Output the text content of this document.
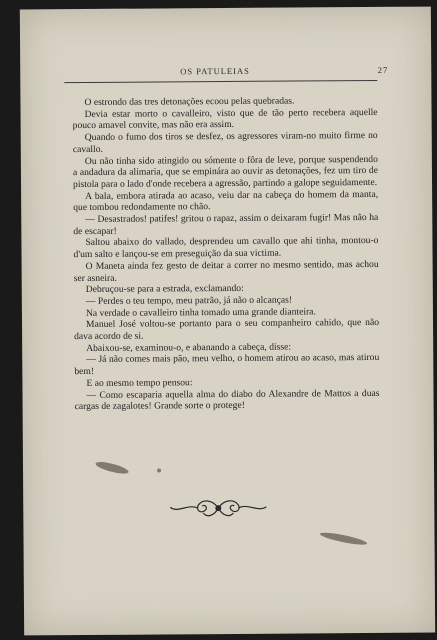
OS PATULEIAS	27

O estrondo das tres detonações ecoou pelas quebradas.

Devia estar morto o cavalleiro, visto que de tão perto recebera aquelle pouco amavel convite, mas não era assim.

Quando o fumo dos tiros se desfez, os agressores viram-no muito firme no cavallo.

Ou não tinha sido atingido ou sómente o fôra de leve, porque suspendendo a andadura da alimaria, que se empinára ao ouvir as detonações, fez um tiro de pistola para o lado d'onde recebera a agressão, partindo a galope seguidamente.

A bala, embora atirada ao acaso, veiu dar na cabeça do homem da manta, que tombou redondamente no chão.

— Desastrados! patifes! gritou o rapaz, assim o deixaram fugir! Mas não ha de escapar!

Saltou abaixo do vallado, desprendeu um cavallo que ahi tinha, montou-o d'um salto e lançou-se em preseguição da sua victima.

O Maneta ainda fez gesto de deitar a correr no mesmo sentido, mas achou ser asneira.

Debruçou-se para a estrada, exclamando:

— Perdes o teu tempo, meu patrão, já não o alcanças!

Na verdade o cavalleiro tinha tomado uma grande dianteira.

Manuel José voltou-se portanto para o seu companheiro cahido, que não dava acordo de si.

Abaixou-se, examinou-o, e abanando a cabeça, disse:

— Já não comes mais pão, meu velho, o homem atirou ao acaso, mas atirou bem!

E ao mesmo tempo pensou:

— Como escaparia aquella alma do diabo do Alexandre de Mattos a duas cargas de zagalotes! Grande sorte o protege!
